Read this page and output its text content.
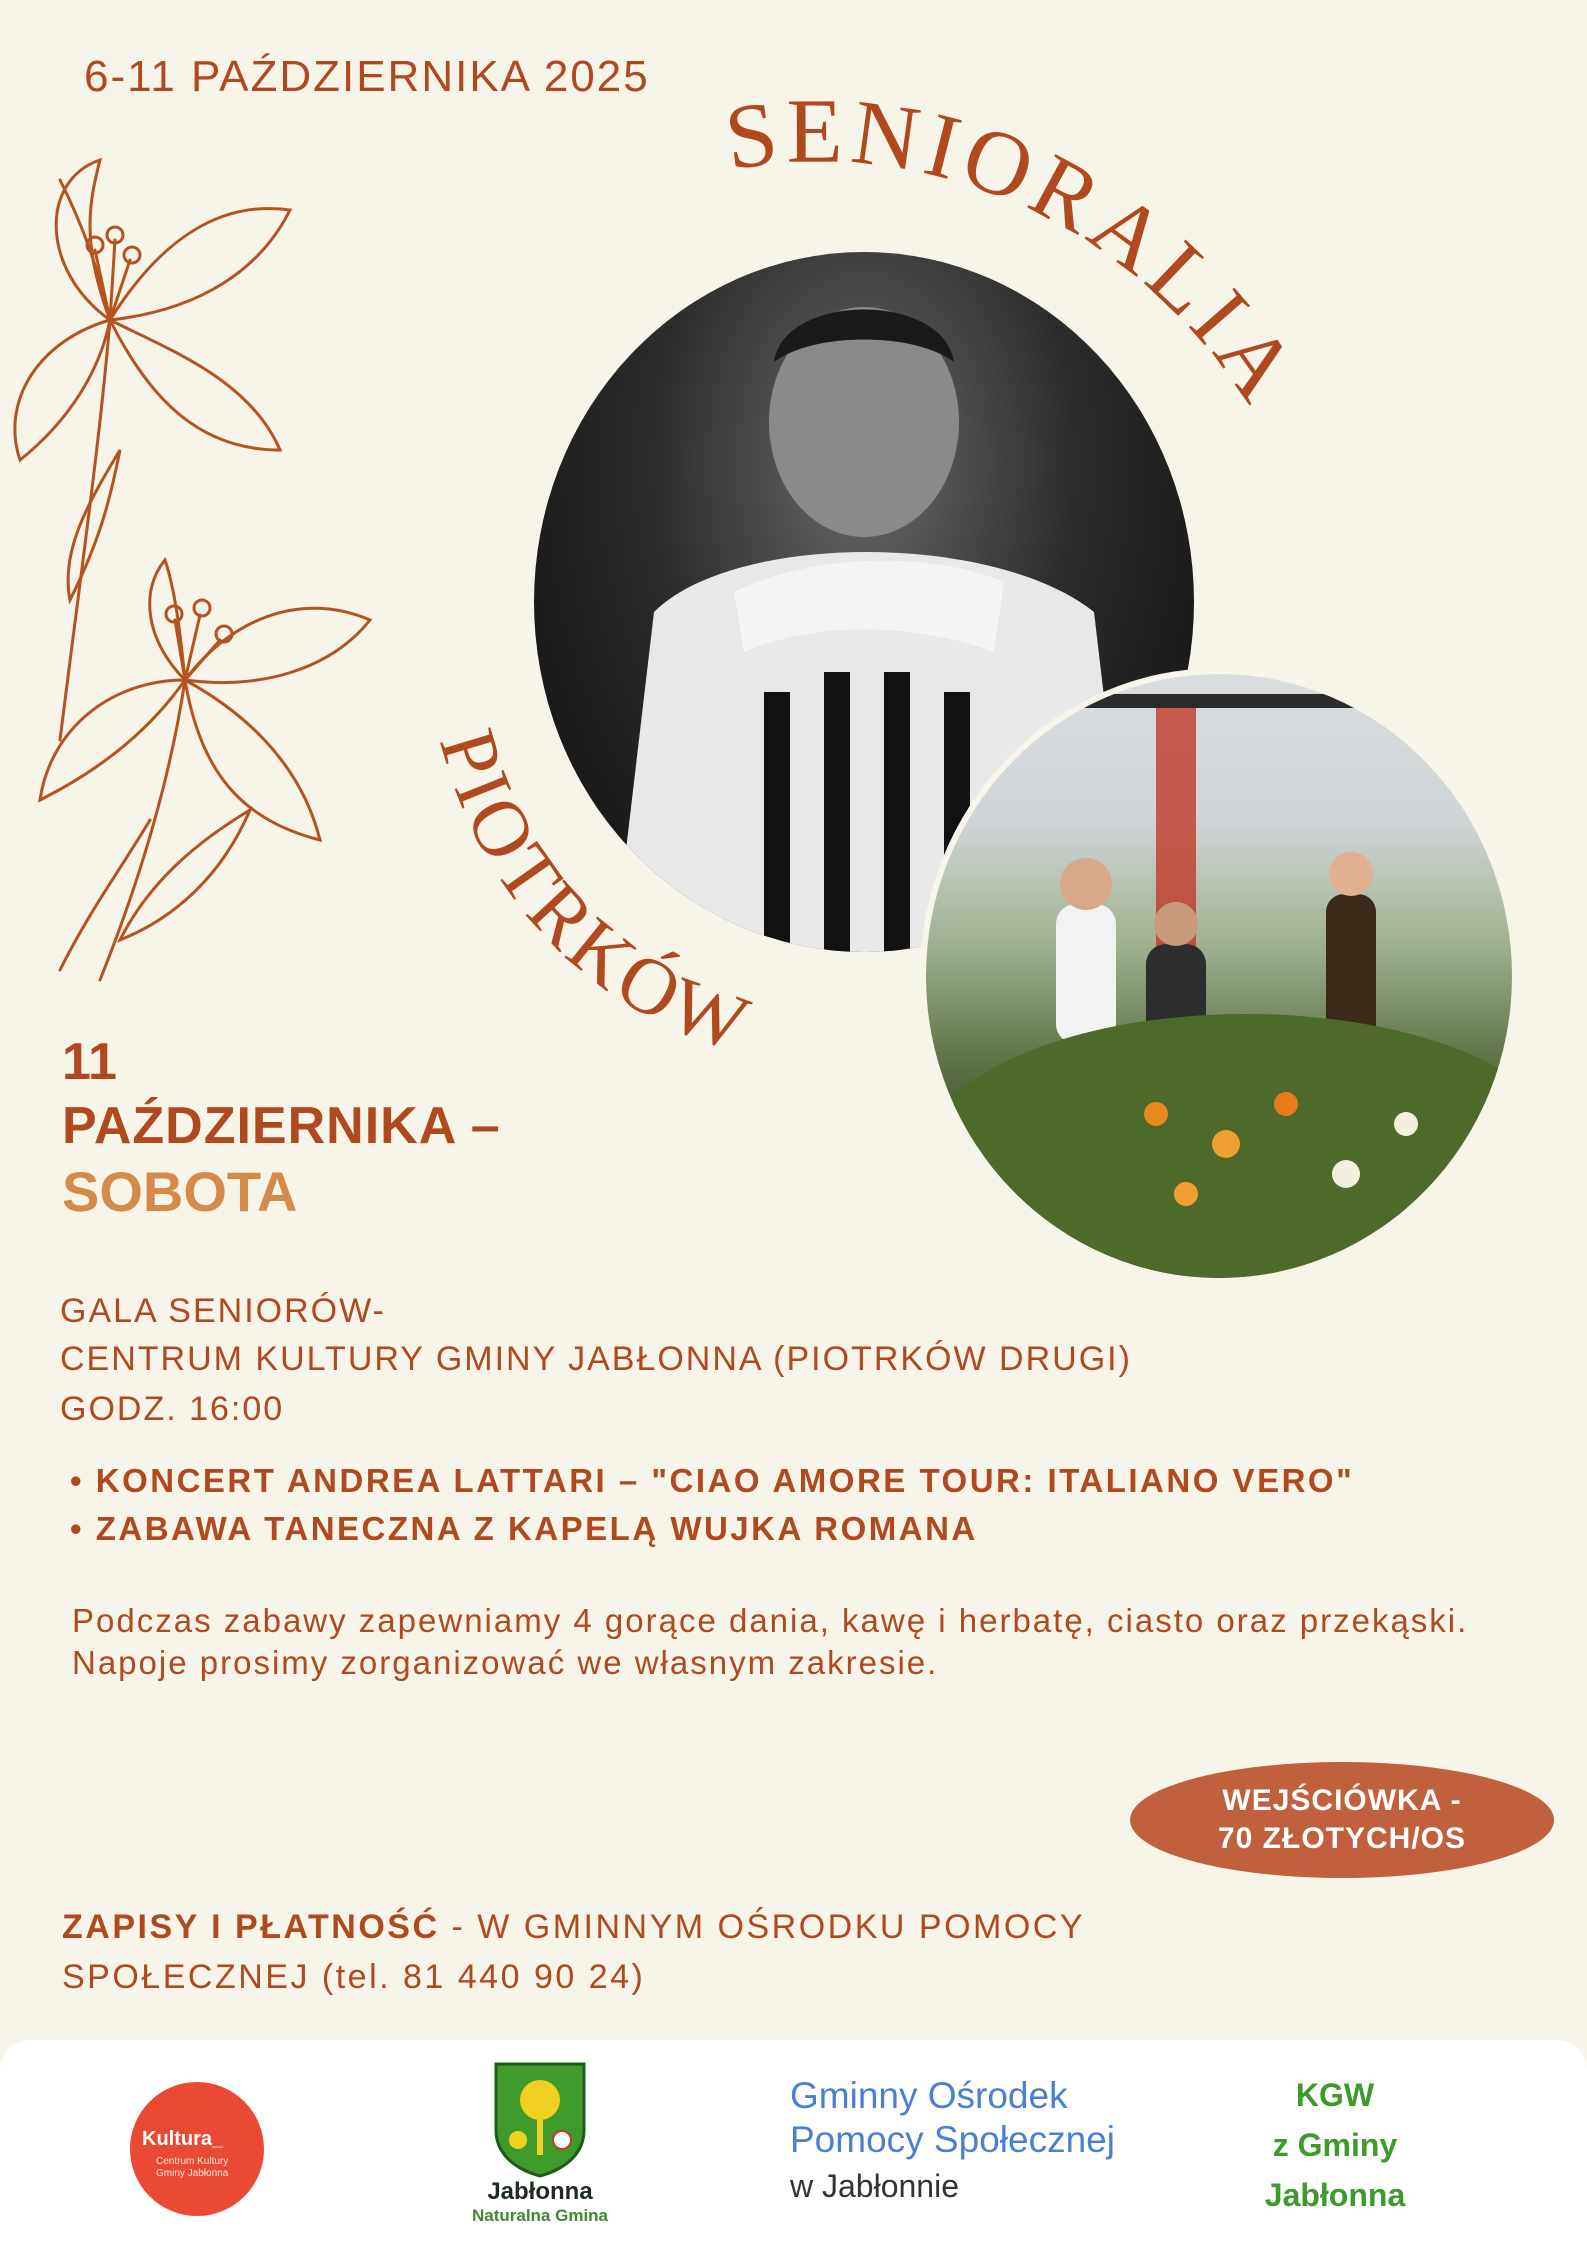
6-11 PAŹDZIERNIKA 2025
SENIORALIA
PIOTRKÓW
11
PAŹDZIERNIKA –
SOBOTA
GALA SENIORÓW-
CENTRUM KULTURY GMINY JABŁONNA (PIOTRKÓW DRUGI)
GODZ. 16:00
• KONCERT ANDREA LATTARI – "CIAO AMORE TOUR: ITALIANO VERO"
• ZABAWA TANECZNA Z KAPELĄ WUJKA ROMANA
Podczas zabawy zapewniamy 4 gorące dania, kawę i herbatę, ciasto oraz przekąski. Napoje prosimy zorganizować we własnym zakresie.
WEJŚCIÓWKA -
70 ZŁOTYCH/OS
ZAPISY I PŁATNOŚĆ - W GMINNYM OŚRODKU POMOCY SPOŁECZNEJ (tel. 81 440 90 24)
Kultura_
Centrum Kultury
Gminy Jabłonna
Jabłonna
Naturalna Gmina
Gminny Ośrodek
Pomocy Społecznej
w Jabłonnie
KGW
z Gminy
Jabłonna
